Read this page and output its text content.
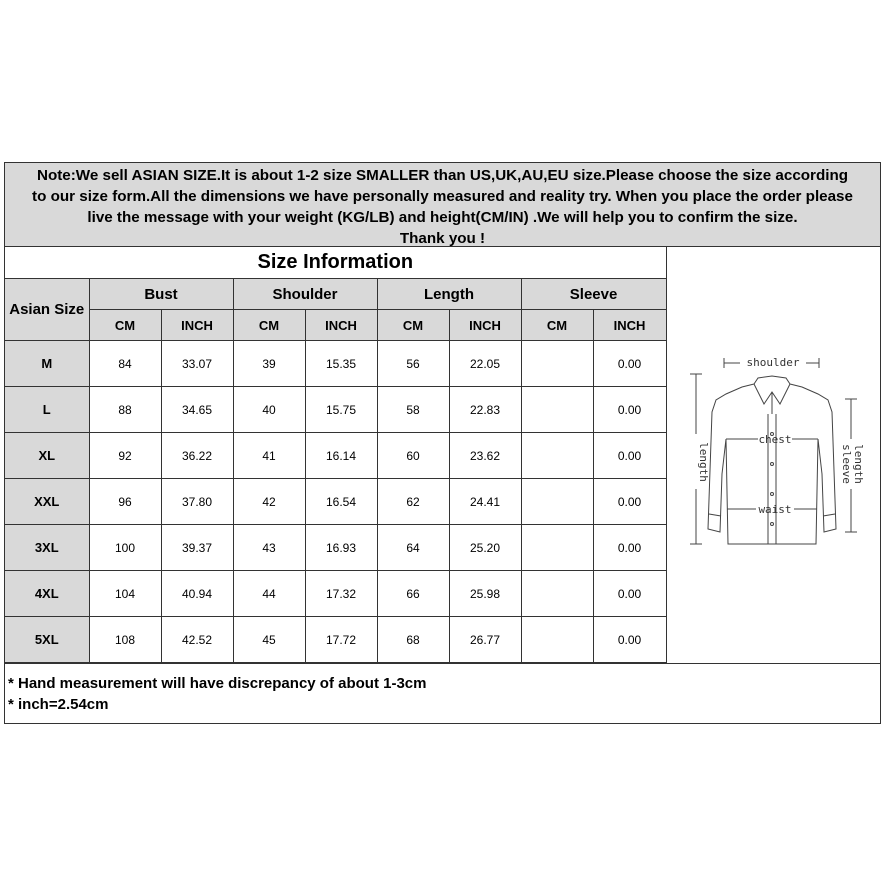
Note:We sell ASIAN SIZE.It is about 1-2 size SMALLER than US,UK,AU,EU size.Please choose the size according
to our size form.All the dimensions we have personally measured and reality try. When you place the order please
live the message with your weight (KG/LB) and height(CM/IN) .We will help you to confirm the size.
Thank you !
Size Information								
Asian Size	Bust		Shoulder		Length		Sleeve	
	CM	INCH	CM	INCH	CM	INCH	CM	INCH
M	84	33.07	39	15.35	56	22.05		0.00
L	88	34.65	40	15.75	58	22.83		0.00
XL	92	36.22	41	16.14	60	23.62		0.00
XXL	96	37.80	42	16.54	62	24.41		0.00
3XL	100	39.37	43	16.93	64	25.20		0.00
4XL	104	40.94	44	17.32	66	25.98		0.00
5XL	108	42.52	45	17.72	68	26.77		0.00
* Hand measurement will have discrepancy of about 1-3cm
* inch=2.54cm
shoulder
chest
waist
length	sleeve length
